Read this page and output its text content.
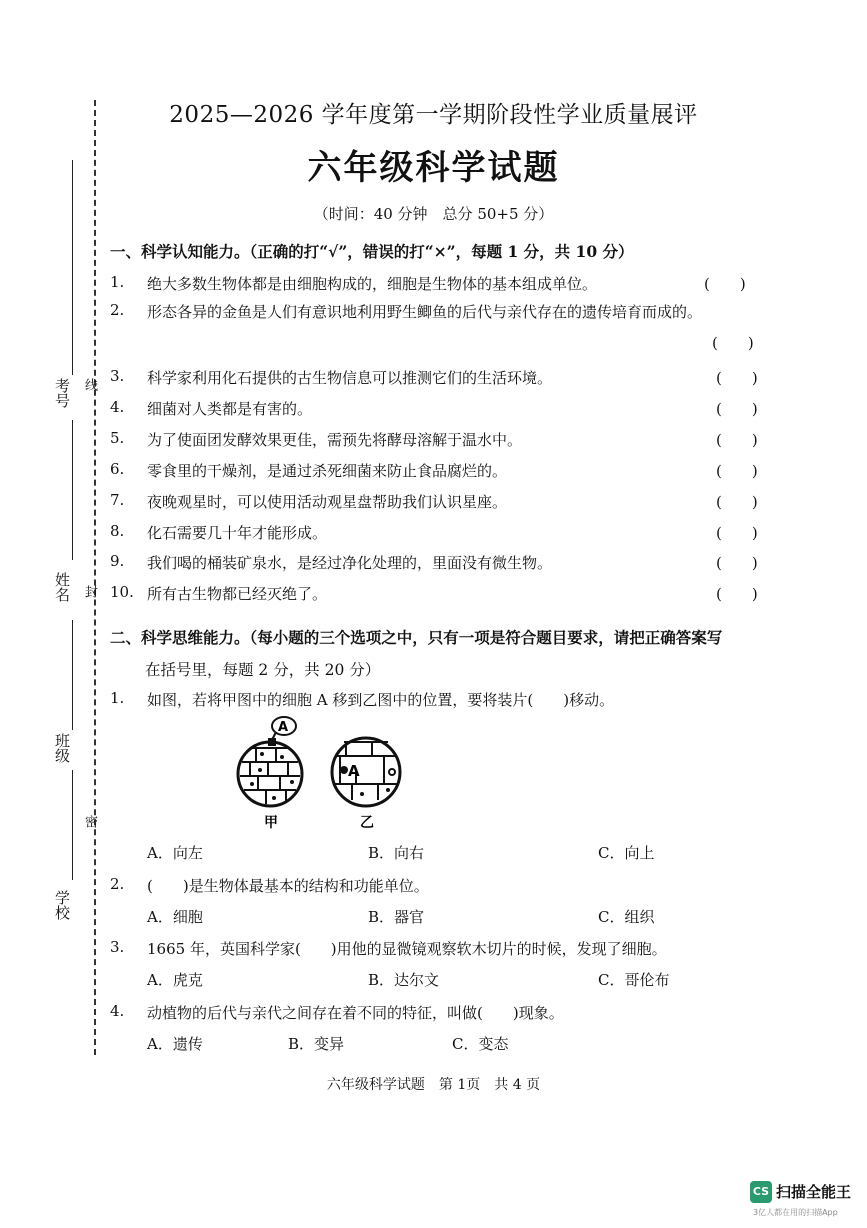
考号 线
姓名 封
班级
密
学校
2025—2026 学年度第一学期阶段性学业质量展评
六年级科学试题
（时间：40 分钟　总分 50+5 分）
一、科学认知能力。（正确的打“√”，错误的打“×”，每题 1 分，共 10 分）
1.	绝大多数生物体都是由细胞构成的，细胞是生物体的基本组成单位。	(　　)
2.	形态各异的金鱼是人们有意识地利用野生鲫鱼的后代与亲代存在的遗传培育而成的。
(　　)
3.	科学家利用化石提供的古生物信息可以推测它们的生活环境。	(　　)
4.	细菌对人类都是有害的。	(　　)
5.	为了使面团发酵效果更佳，需预先将酵母溶解于温水中。	(　　)
6.	零食里的干燥剂，是通过杀死细菌来防止食品腐烂的。	(　　)
7.	夜晚观星时，可以使用活动观星盘帮助我们认识星座。	(　　)
8.	化石需要几十年才能形成。	(　　)
9.	我们喝的桶装矿泉水，是经过净化处理的，里面没有微生物。	(　　)
10. 所有古生物都已经灭绝了。	(　　)
二、科学思维能力。（每小题的三个选项之中，只有一项是符合题目要求，请把正确答案写
在括号里，每题 2 分，共 20 分）
1.	如图，若将甲图中的细胞 A 移到乙图中的位置，要将装片(　　)移动。
A
A
甲	乙
A．向左	B．向右	C．向上
2.	(　　)是生物体最基本的结构和功能单位。
A．细胞	B．器官	C．组织
3.	1665 年，英国科学家(　　)用他的显微镜观察软木切片的时候，发现了细胞。
A．虎克	B．达尔文	C．哥伦布
4.	动植物的后代与亲代之间存在着不同的特征，叫做(　　)现象。
A．遗传	B．变异	C．变态
六年级科学试题　第 1页　共 4 页
CS 扫描全能王
3亿人都在用的扫描App
